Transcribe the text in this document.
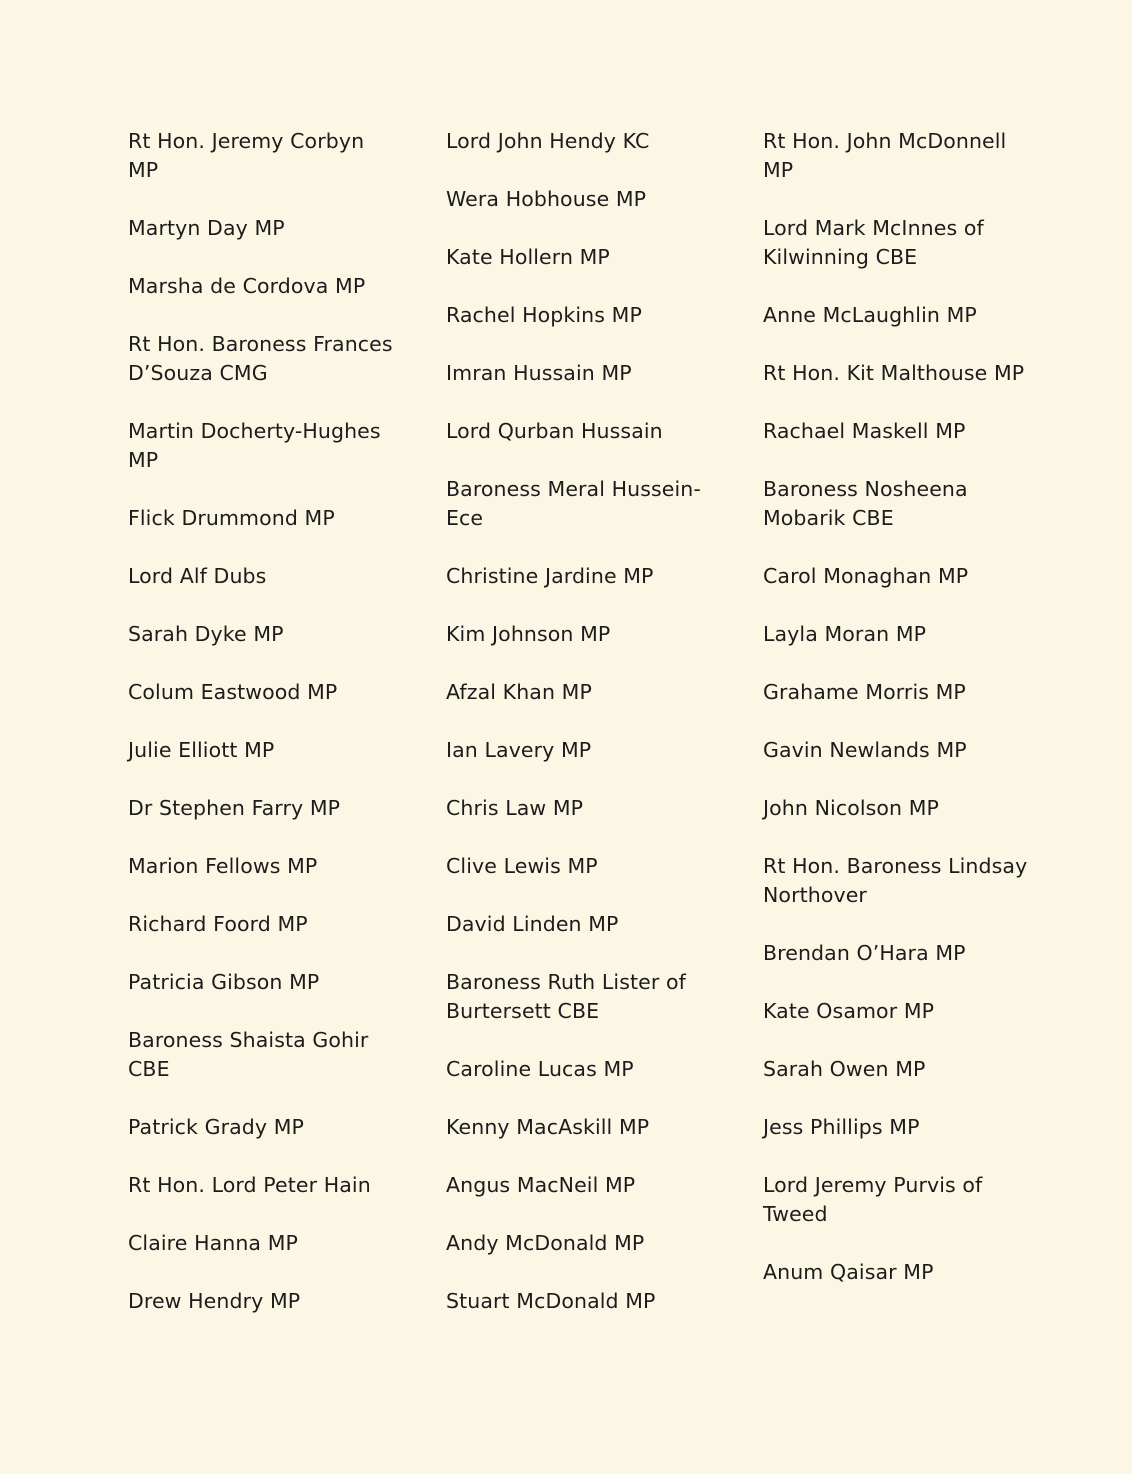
Rt Hon. Jeremy Corbyn MP
Martyn Day MP
Marsha de Cordova MP
Rt Hon. Baroness Frances D’Souza CMG
Martin Docherty-Hughes MP
Flick Drummond MP
Lord Alf Dubs
Sarah Dyke MP
Colum Eastwood MP
Julie Elliott MP
Dr Stephen Farry MP
Marion Fellows MP
Richard Foord MP
Patricia Gibson MP
Baroness Shaista Gohir CBE
Patrick Grady MP
Rt Hon. Lord Peter Hain
Claire Hanna MP
Drew Hendry MP
Lord John Hendy KC
Wera Hobhouse MP
Kate Hollern MP
Rachel Hopkins MP
Imran Hussain MP
Lord Qurban Hussain
Baroness Meral Hussein-Ece
Christine Jardine MP
Kim Johnson MP
Afzal Khan MP
Ian Lavery MP
Chris Law MP
Clive Lewis MP
David Linden MP
Baroness Ruth Lister of Burtersett CBE
Caroline Lucas MP
Kenny MacAskill MP
Angus MacNeil MP
Andy McDonald MP
Stuart McDonald MP
Rt Hon. John McDonnell MP
Lord Mark McInnes of Kilwinning CBE
Anne McLaughlin MP
Rt Hon. Kit Malthouse MP
Rachael Maskell MP
Baroness Nosheena Mobarik CBE
Carol Monaghan MP
Layla Moran MP
Grahame Morris MP
Gavin Newlands MP
John Nicolson MP
Rt Hon. Baroness Lindsay Northover
Brendan O’Hara MP
Kate Osamor MP
Sarah Owen MP
Jess Phillips MP
Lord Jeremy Purvis of Tweed
Anum Qaisar MP
